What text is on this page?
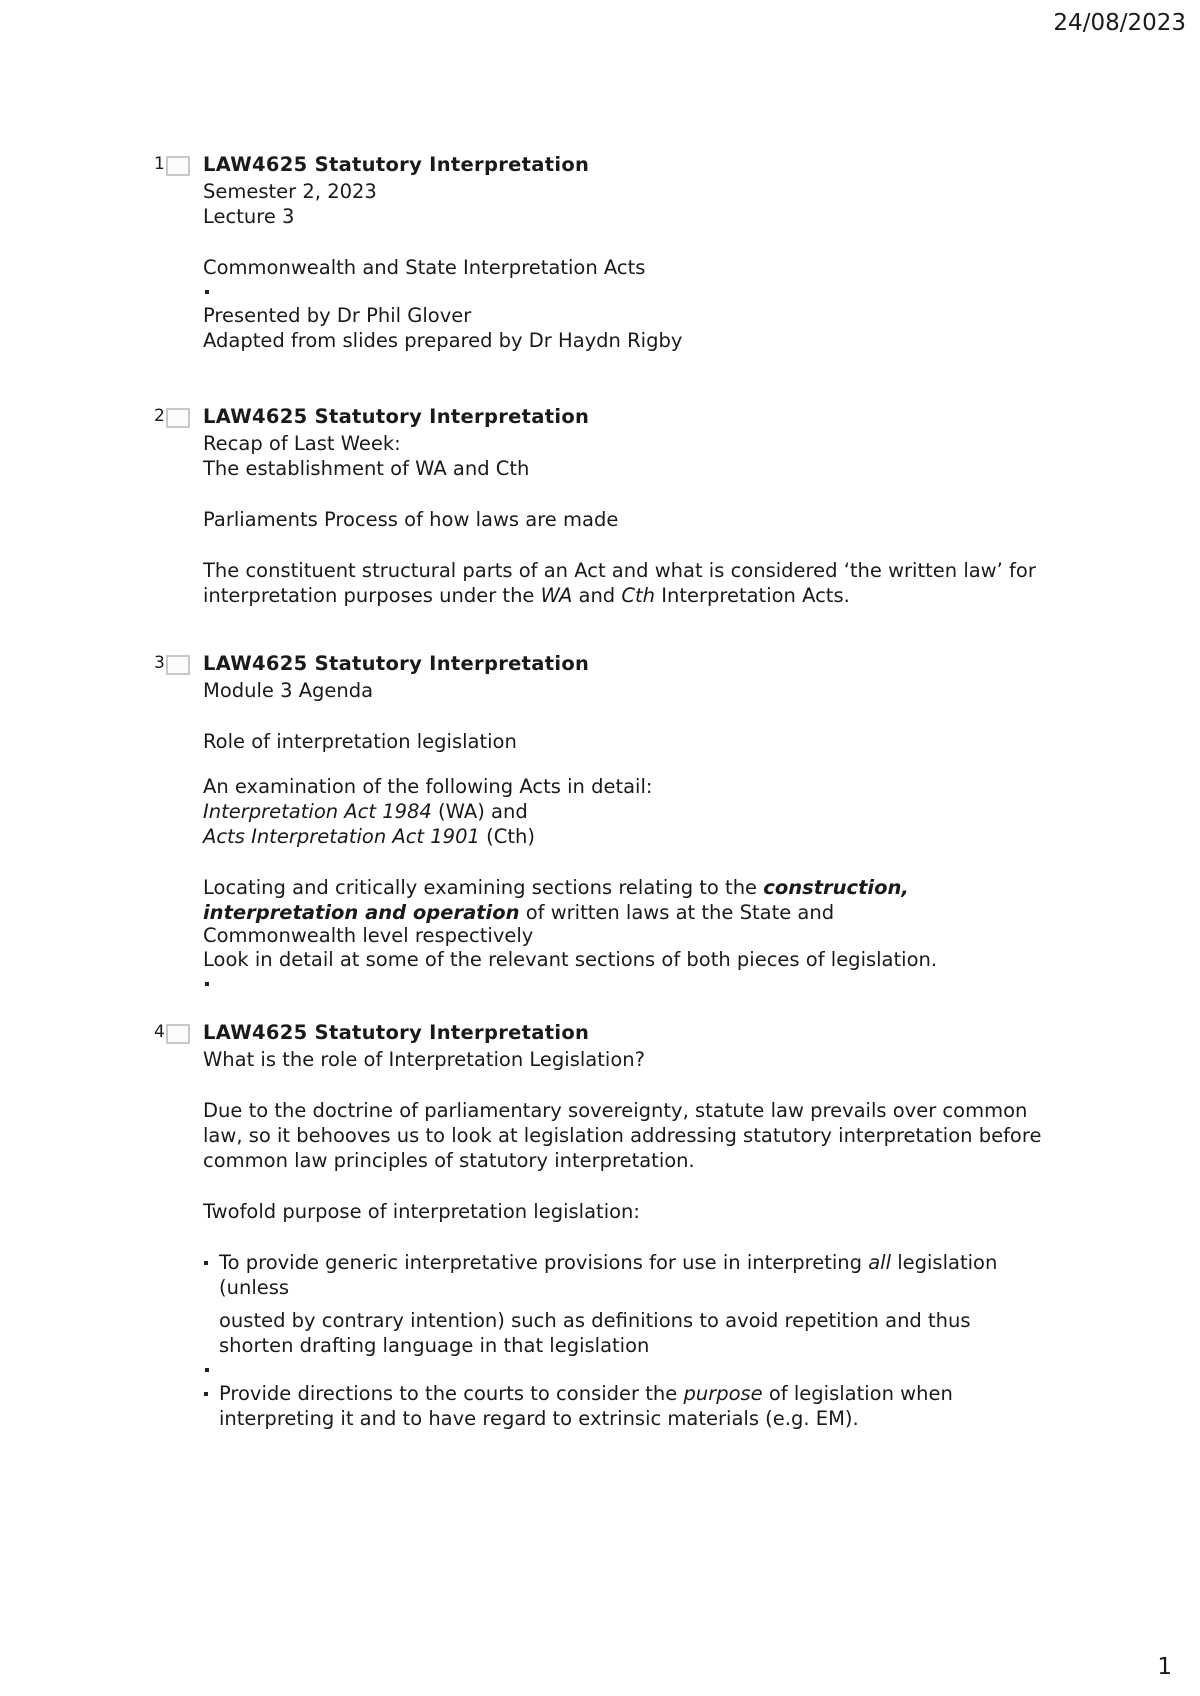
24/08/2023
1 LAW4625 Statutory Interpretation
Semester 2, 2023
Lecture 3
Commonwealth and State Interpretation Acts
Presented by Dr Phil Glover
Adapted from slides prepared by Dr Haydn Rigby
2 LAW4625 Statutory Interpretation
Recap of Last Week:
The establishment of WA and Cth
Parliaments Process of how laws are made
The constituent structural parts of an Act and what is considered ‘the written law’ for
interpretation purposes under the WA and Cth Interpretation Acts.
3 LAW4625 Statutory Interpretation
Module 3 Agenda
Role of interpretation legislation
An examination of the following Acts in detail:
Interpretation Act 1984 (WA) and
Acts Interpretation Act 1901 (Cth)
Locating and critically examining sections relating to the construction,
interpretation and operation of written laws at the State and
Commonwealth level respectively
Look in detail at some of the relevant sections of both pieces of legislation.
4 LAW4625 Statutory Interpretation
What is the role of Interpretation Legislation?
Due to the doctrine of parliamentary sovereignty, statute law prevails over common
law, so it behooves us to look at legislation addressing statutory interpretation before
common law principles of statutory interpretation.
Twofold purpose of interpretation legislation:
To provide generic interpretative provisions for use in interpreting all legislation
(unless
ousted by contrary intention) such as definitions to avoid repetition and thus
shorten drafting language in that legislation
Provide directions to the courts to consider the purpose of legislation when
interpreting it and to have regard to extrinsic materials (e.g. EM).
1
